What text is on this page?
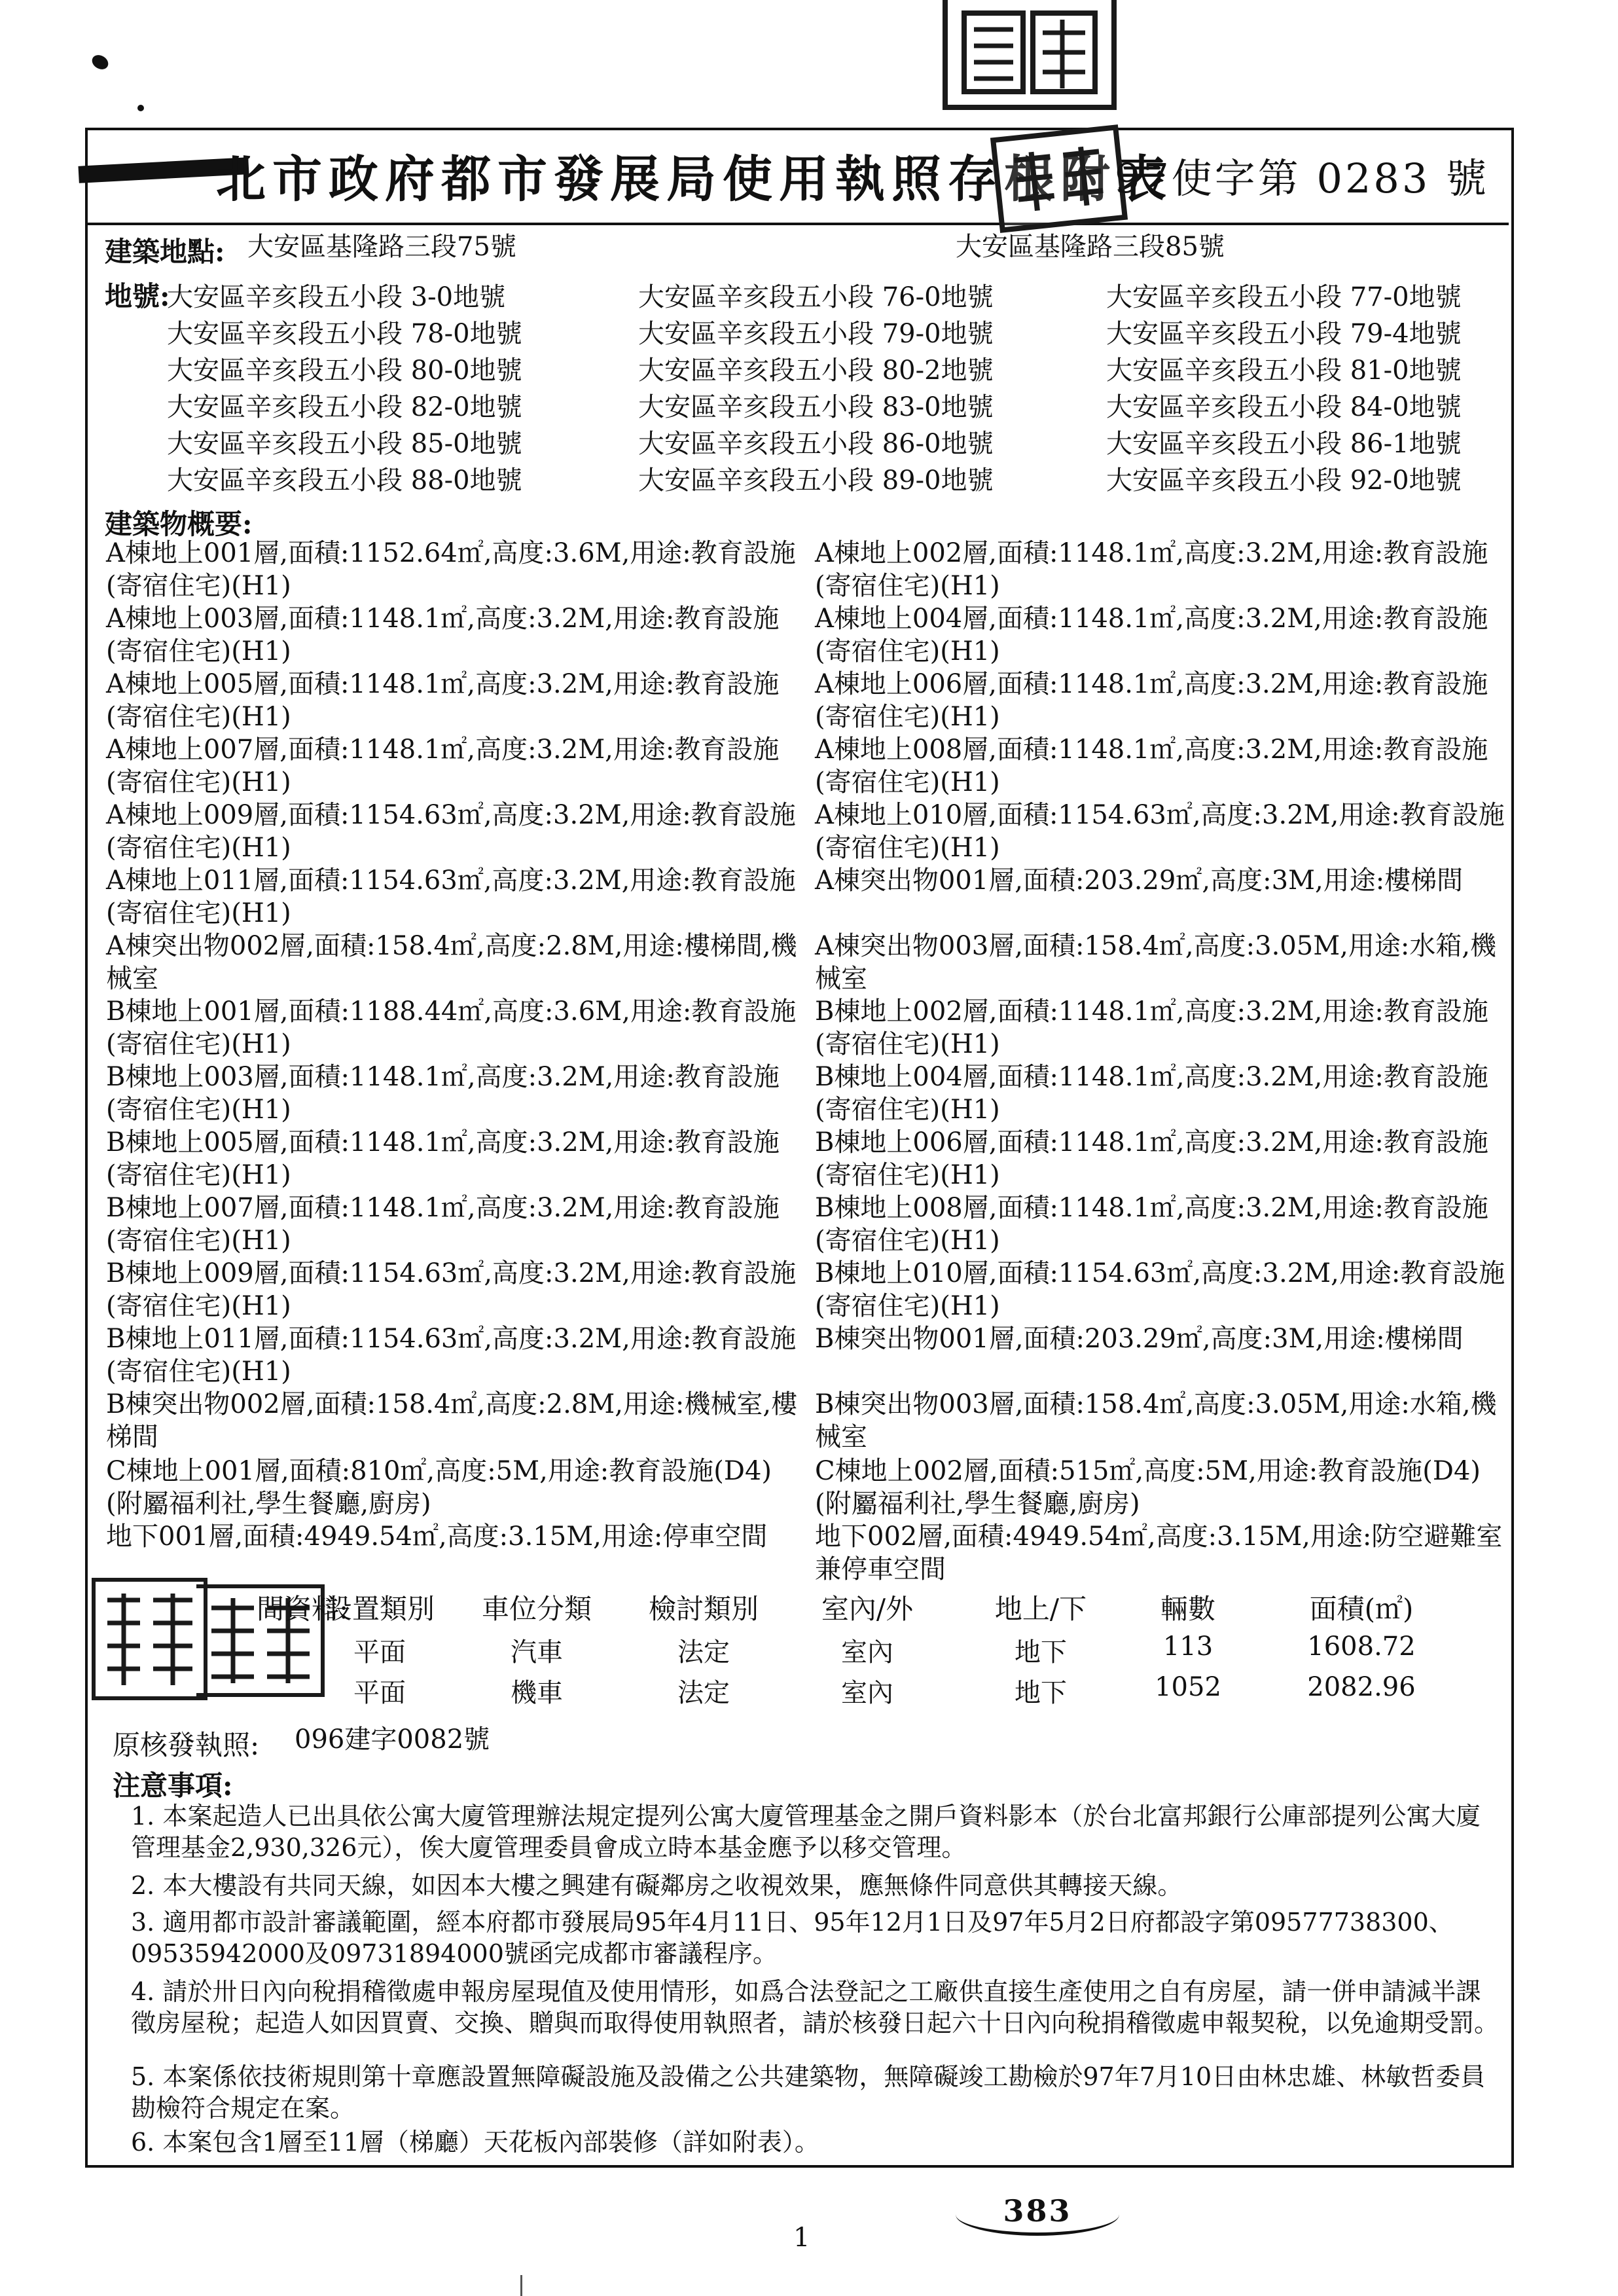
北市政府都市發展局使用執照存根附表
97使字第 0283 號
建築地點: 大安區基隆路三段75號	大安區基隆路三段85號
地號:
大安區辛亥段五小段 3-0地號	大安區辛亥段五小段 76-0地號	大安區辛亥段五小段 77-0地號
大安區辛亥段五小段 78-0地號	大安區辛亥段五小段 79-0地號	大安區辛亥段五小段 79-4地號
大安區辛亥段五小段 80-0地號	大安區辛亥段五小段 80-2地號	大安區辛亥段五小段 81-0地號
大安區辛亥段五小段 82-0地號	大安區辛亥段五小段 83-0地號	大安區辛亥段五小段 84-0地號
大安區辛亥段五小段 85-0地號	大安區辛亥段五小段 86-0地號	大安區辛亥段五小段 86-1地號
大安區辛亥段五小段 88-0地號	大安區辛亥段五小段 89-0地號	大安區辛亥段五小段 92-0地號
建築物概要:
A棟地上001層,面積:1152.64㎡,高度:3.6M,用途:教育設施(寄宿住宅)(H1)
A棟地上002層,面積:1148.1㎡,高度:3.2M,用途:教育設施(寄宿住宅)(H1)
A棟地上003層,面積:1148.1㎡,高度:3.2M,用途:教育設施(寄宿住宅)(H1)
A棟地上004層,面積:1148.1㎡,高度:3.2M,用途:教育設施(寄宿住宅)(H1)
A棟地上005層,面積:1148.1㎡,高度:3.2M,用途:教育設施(寄宿住宅)(H1)
A棟地上006層,面積:1148.1㎡,高度:3.2M,用途:教育設施(寄宿住宅)(H1)
A棟地上007層,面積:1148.1㎡,高度:3.2M,用途:教育設施(寄宿住宅)(H1)
A棟地上008層,面積:1148.1㎡,高度:3.2M,用途:教育設施(寄宿住宅)(H1)
A棟地上009層,面積:1154.63㎡,高度:3.2M,用途:教育設施(寄宿住宅)(H1)
A棟地上010層,面積:1154.63㎡,高度:3.2M,用途:教育設施(寄宿住宅)(H1)
A棟地上011層,面積:1154.63㎡,高度:3.2M,用途:教育設施(寄宿住宅)(H1)
A棟突出物001層,面積:203.29㎡,高度:3M,用途:樓梯間
A棟突出物002層,面積:158.4㎡,高度:2.8M,用途:樓梯間,機械室
A棟突出物003層,面積:158.4㎡,高度:3.05M,用途:水箱,機械室
B棟地上001層,面積:1188.44㎡,高度:3.6M,用途:教育設施(寄宿住宅)(H1)
B棟地上002層,面積:1148.1㎡,高度:3.2M,用途:教育設施(寄宿住宅)(H1)
B棟地上003層,面積:1148.1㎡,高度:3.2M,用途:教育設施(寄宿住宅)(H1)
B棟地上004層,面積:1148.1㎡,高度:3.2M,用途:教育設施(寄宿住宅)(H1)
B棟地上005層,面積:1148.1㎡,高度:3.2M,用途:教育設施(寄宿住宅)(H1)
B棟地上006層,面積:1148.1㎡,高度:3.2M,用途:教育設施(寄宿住宅)(H1)
B棟地上007層,面積:1148.1㎡,高度:3.2M,用途:教育設施(寄宿住宅)(H1)
B棟地上008層,面積:1148.1㎡,高度:3.2M,用途:教育設施(寄宿住宅)(H1)
B棟地上009層,面積:1154.63㎡,高度:3.2M,用途:教育設施(寄宿住宅)(H1)
B棟地上010層,面積:1154.63㎡,高度:3.2M,用途:教育設施(寄宿住宅)(H1)
B棟地上011層,面積:1154.63㎡,高度:3.2M,用途:教育設施(寄宿住宅)(H1)
B棟突出物001層,面積:203.29㎡,高度:3M,用途:樓梯間
B棟突出物002層,面積:158.4㎡,高度:2.8M,用途:機械室,樓梯間
B棟突出物003層,面積:158.4㎡,高度:3.05M,用途:水箱,機械室
C棟地上001層,面積:810㎡,高度:5M,用途:教育設施(D4)(附屬福利社,學生餐廳,廚房)
C棟地上002層,面積:515㎡,高度:5M,用途:教育設施(D4)(附屬福利社,學生餐廳,廚房)
地下001層,面積:4949.54㎡,高度:3.15M,用途:停車空間	地下002層,面積:4949.54㎡,高度:3.15M,用途:防空避難室兼停車空間
間資料:
設置類別	車位分類	檢討類別	室內/外	地上/下	輛數	面積(㎡)
平面	汽車	法定	室內	地下	113	1608.72
平面	機車	法定	室內	地下	1052	2082.96
原核發執照: 096建字0082號
注意事項:
1. 本案起造人已出具依公寓大廈管理辦法規定提列公寓大廈管理基金之開戶資料影本（於台北富邦銀行公庫部提列公寓大廈管理基金2,930,326元），俟大廈管理委員會成立時本基金應予以移交管理。
2. 本大樓設有共同天線，如因本大樓之興建有礙鄰房之收視效果，應無條件同意供其轉接天線。
3. 適用都市設計審議範圍，經本府都市發展局95年4月11日、95年12月1日及97年5月2日府都設字第09577738300、09535942000及09731894000號函完成都市審議程序。
4. 請於卅日內向稅捐稽徵處申報房屋現值及使用情形，如爲合法登記之工廠供直接生產使用之自有房屋，請一併申請減半課徵房屋稅；起造人如因買賣、交換、贈與而取得使用執照者，請於核發日起六十日內向稅捐稽徵處申報契稅，以免逾期受罰。
5. 本案係依技術規則第十章應設置無障礙設施及設備之公共建築物，無障礙竣工勘檢於97年7月10日由林忠雄、林敏哲委員勘檢符合規定在案。
6. 本案包含1層至11層（梯廳）天花板內部裝修（詳如附表）。
383
1
